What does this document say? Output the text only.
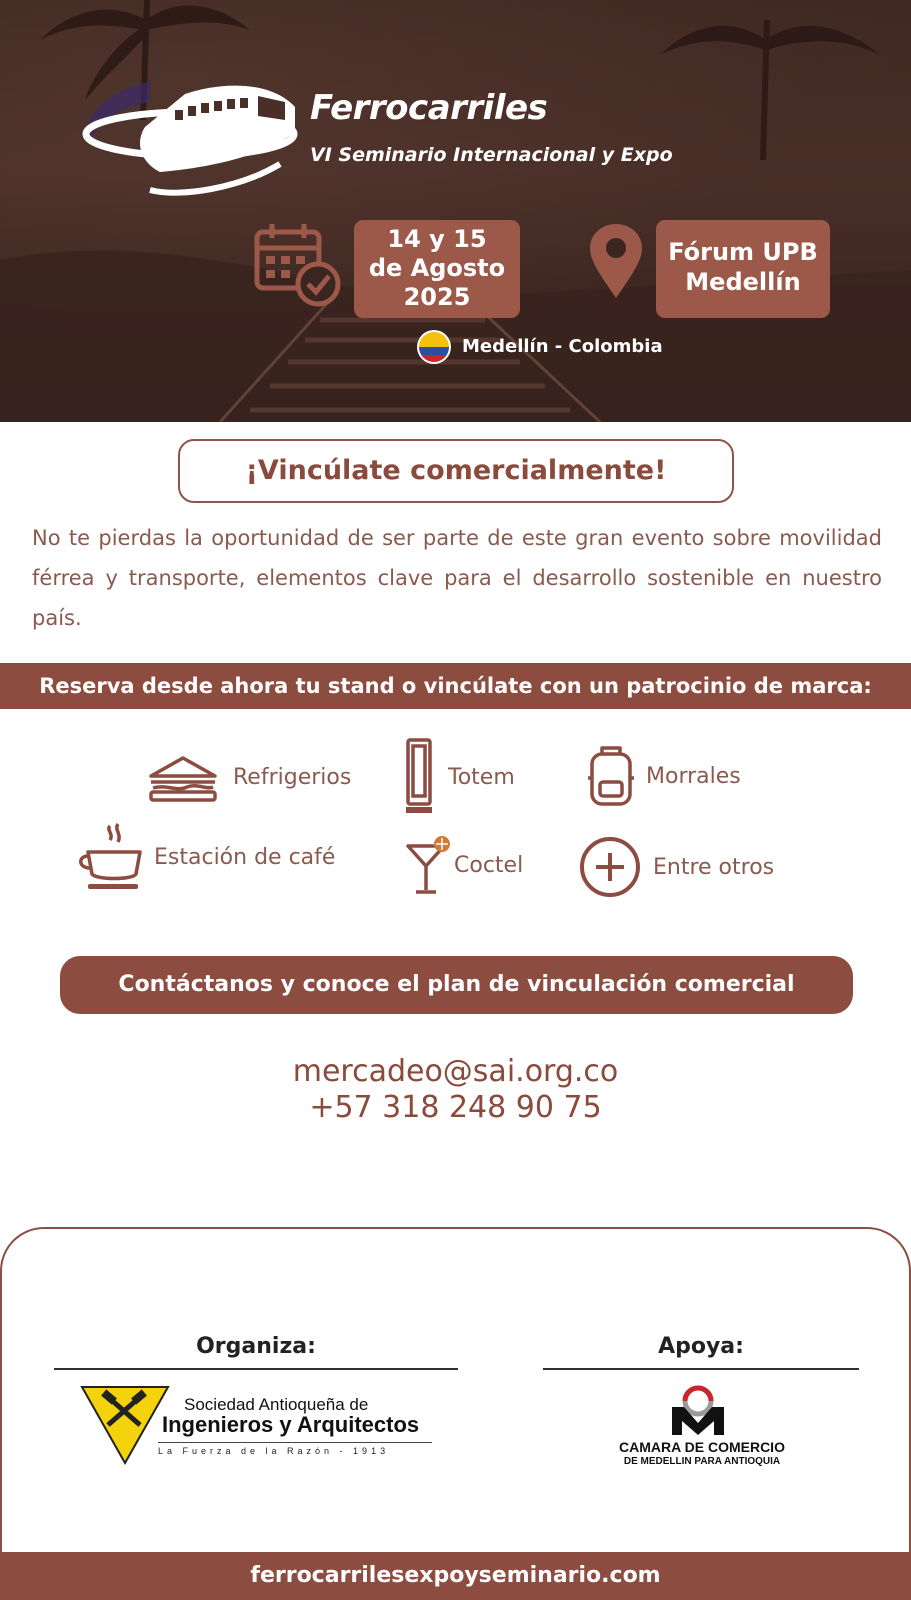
Ferrocarriles
VI Seminario Internacional y Expo
14 y 15
de Agosto
2025
Fórum UPB
Medellín
Medellín - Colombia
¡Vincúlate comercialmente!
No te pierdas la oportunidad de ser parte de este gran evento sobre movilidad férrea y transporte, elementos clave para el desarrollo sostenible en nuestro país.
Reserva desde ahora tu stand o vincúlate con un patrocinio de marca:
Refrigerios	Totem	Morrales
Estación de café	Coctel	Entre otros
Contáctanos y conoce el plan de vinculación comercial
mercadeo@sai.org.co
+57 318 248 90 75
Organiza:	Apoya:
Sociedad Antioqueña de
Ingenieros y Arquitectos
La Fuerza de la Razón - 1913	CAMARA DE COMERCIO
DE MEDELLIN PARA ANTIOQUIA
ferrocarrilesexpoyseminario.com
